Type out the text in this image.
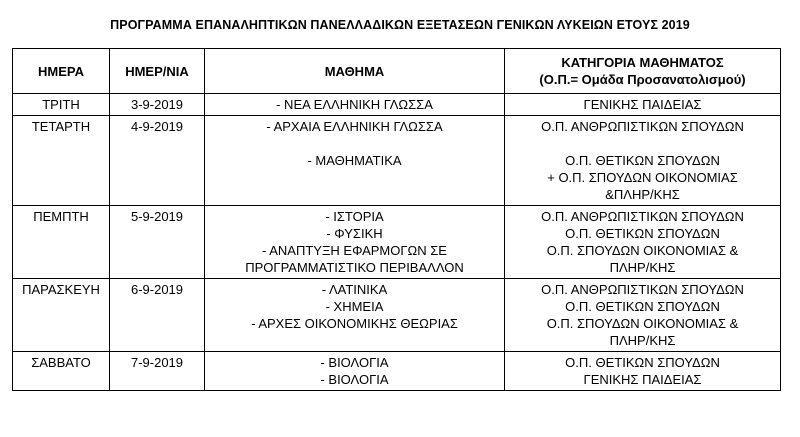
ΠΡΟΓΡΑΜΜΑ ΕΠΑΝΑΛΗΠΤΙΚΩΝ ΠΑΝΕΛΛΑΔΙΚΩΝ ΕΞΕΤΑΣΕΩΝ ΓΕΝΙΚΩΝ ΛΥΚΕΙΩΝ ΕΤΟΥΣ 2019
ΗΜΕΡΑ	ΗΜΕΡ/ΝΙΑ	ΜΑΘΗΜΑ	ΚΑΤΗΓΟΡΙΑ ΜΑΘΗΜΑΤΟΣ
(Ο.Π.= Ομάδα Προσανατολισμού)

ΤΡΙΤΗ	3-9-2019	- ΝΕΑ ΕΛΛΗΝΙΚΗ ΓΛΩΣΣΑ	ΓΕΝΙΚΗΣ ΠΑΙΔΕΙΑΣ

ΤΕΤΑΡΤΗ	4-9-2019	- ΑΡΧΑΙΑ ΕΛΛΗΝΙΚΗ ΓΛΩΣΣΑ
- ΜΑΘΗΜΑΤΙΚΑ	Ο.Π. ΑΝΘΡΩΠΙΣΤΙΚΩΝ ΣΠΟΥΔΩΝ
Ο.Π. ΘΕΤΙΚΩΝ ΣΠΟΥΔΩΝ
+ Ο.Π. ΣΠΟΥΔΩΝ ΟΙΚΟΝΟΜΙΑΣ
&ΠΛΗΡ/ΚΗΣ

ΠΕΜΠΤΗ	5-9-2019	- ΙΣΤΟΡΙΑ
- ΦΥΣΙΚΗ
- ΑΝΑΠΤΥΞΗ ΕΦΑΡΜΟΓΩΝ ΣΕ
ΠΡΟΓΡΑΜΜΑΤΙΣΤΙΚΟ ΠΕΡΙΒΑΛΛΟΝ	Ο.Π. ΑΝΘΡΩΠΙΣΤΙΚΩΝ ΣΠΟΥΔΩΝ
Ο.Π. ΘΕΤΙΚΩΝ ΣΠΟΥΔΩΝ
Ο.Π. ΣΠΟΥΔΩΝ ΟΙΚΟΝΟΜΙΑΣ &
ΠΛΗΡ/ΚΗΣ

ΠΑΡΑΣΚΕΥΗ	6-9-2019	- ΛΑΤΙΝΙΚΑ
- ΧΗΜΕΙΑ
- ΑΡΧΕΣ ΟΙΚΟΝΟΜΙΚΗΣ ΘΕΩΡΙΑΣ	Ο.Π. ΑΝΘΡΩΠΙΣΤΙΚΩΝ ΣΠΟΥΔΩΝ
Ο.Π. ΘΕΤΙΚΩΝ ΣΠΟΥΔΩΝ
Ο.Π. ΣΠΟΥΔΩΝ ΟΙΚΟΝΟΜΙΑΣ &
ΠΛΗΡ/ΚΗΣ

ΣΑΒΒΑΤΟ	7-9-2019	- ΒΙΟΛΟΓΙΑ
- ΒΙΟΛΟΓΙΑ	Ο.Π. ΘΕΤΙΚΩΝ ΣΠΟΥΔΩΝ
ΓΕΝΙΚΗΣ ΠΑΙΔΕΙΑΣ
